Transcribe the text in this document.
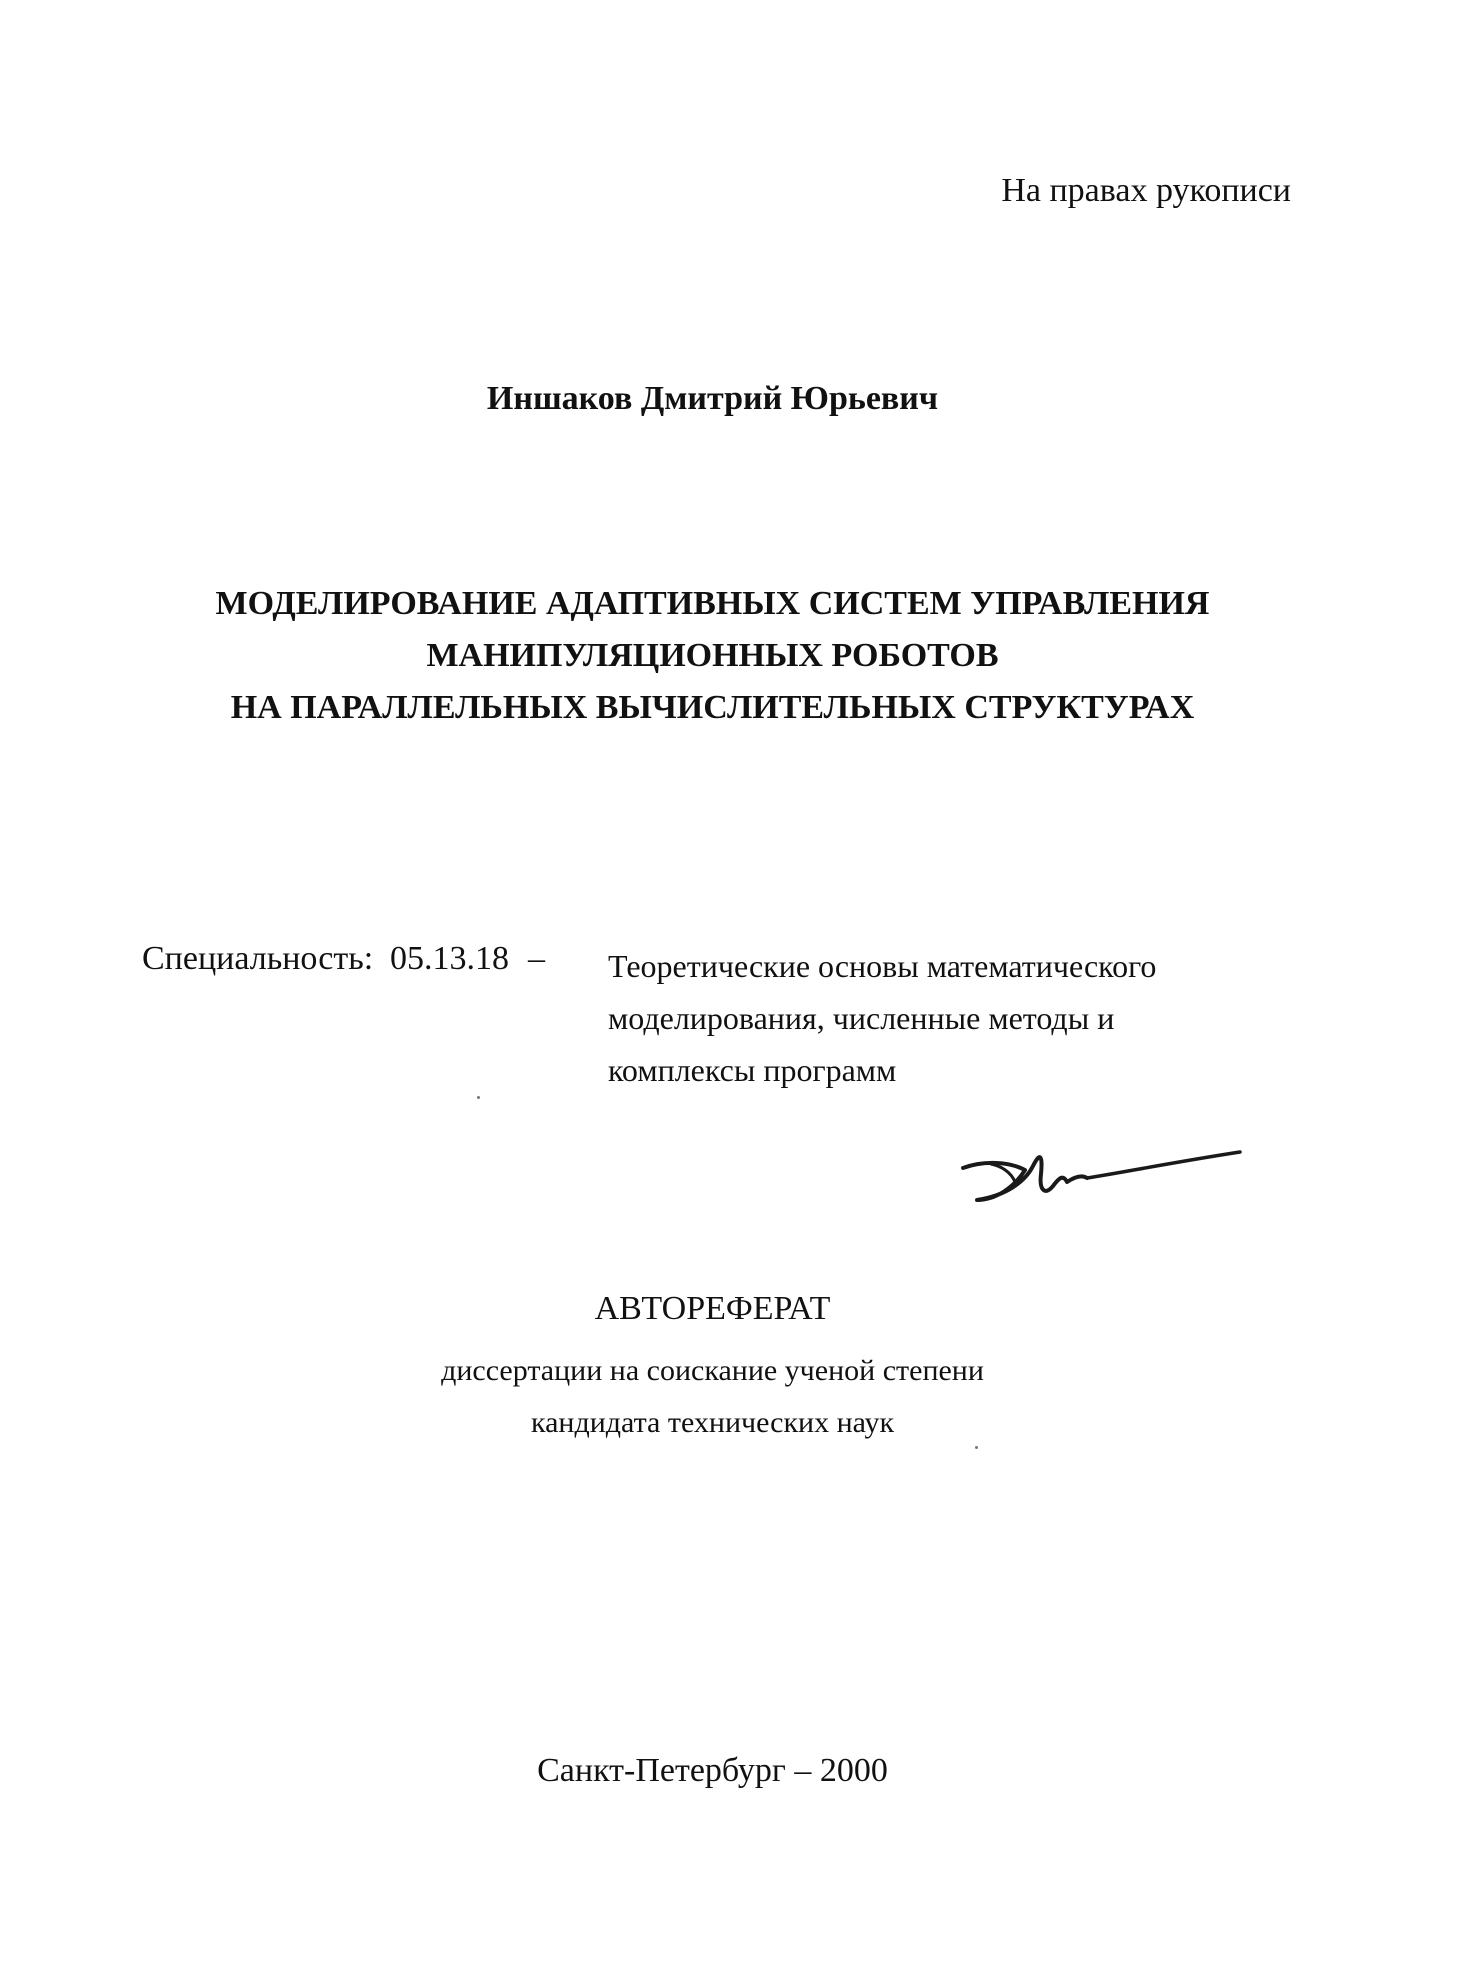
На правах рукописи
Иншаков Дмитрий Юрьевич
МОДЕЛИРОВАНИЕ АДАПТИВНЫХ СИСТЕМ УПРАВЛЕНИЯ
МАНИПУЛЯЦИОННЫХ РОБОТОВ
НА ПАРАЛЛЕЛЬНЫХ ВЫЧИСЛИТЕЛЬНЫХ СТРУКТУРАХ
Специальность: 05.13.18 – Теоретические основы математического
моделирования, численные методы и
комплексы программ
АВТОРЕФЕРАТ
диссертации на соискание ученой степени
кандидата технических наук
Санкт-Петербург – 2000
